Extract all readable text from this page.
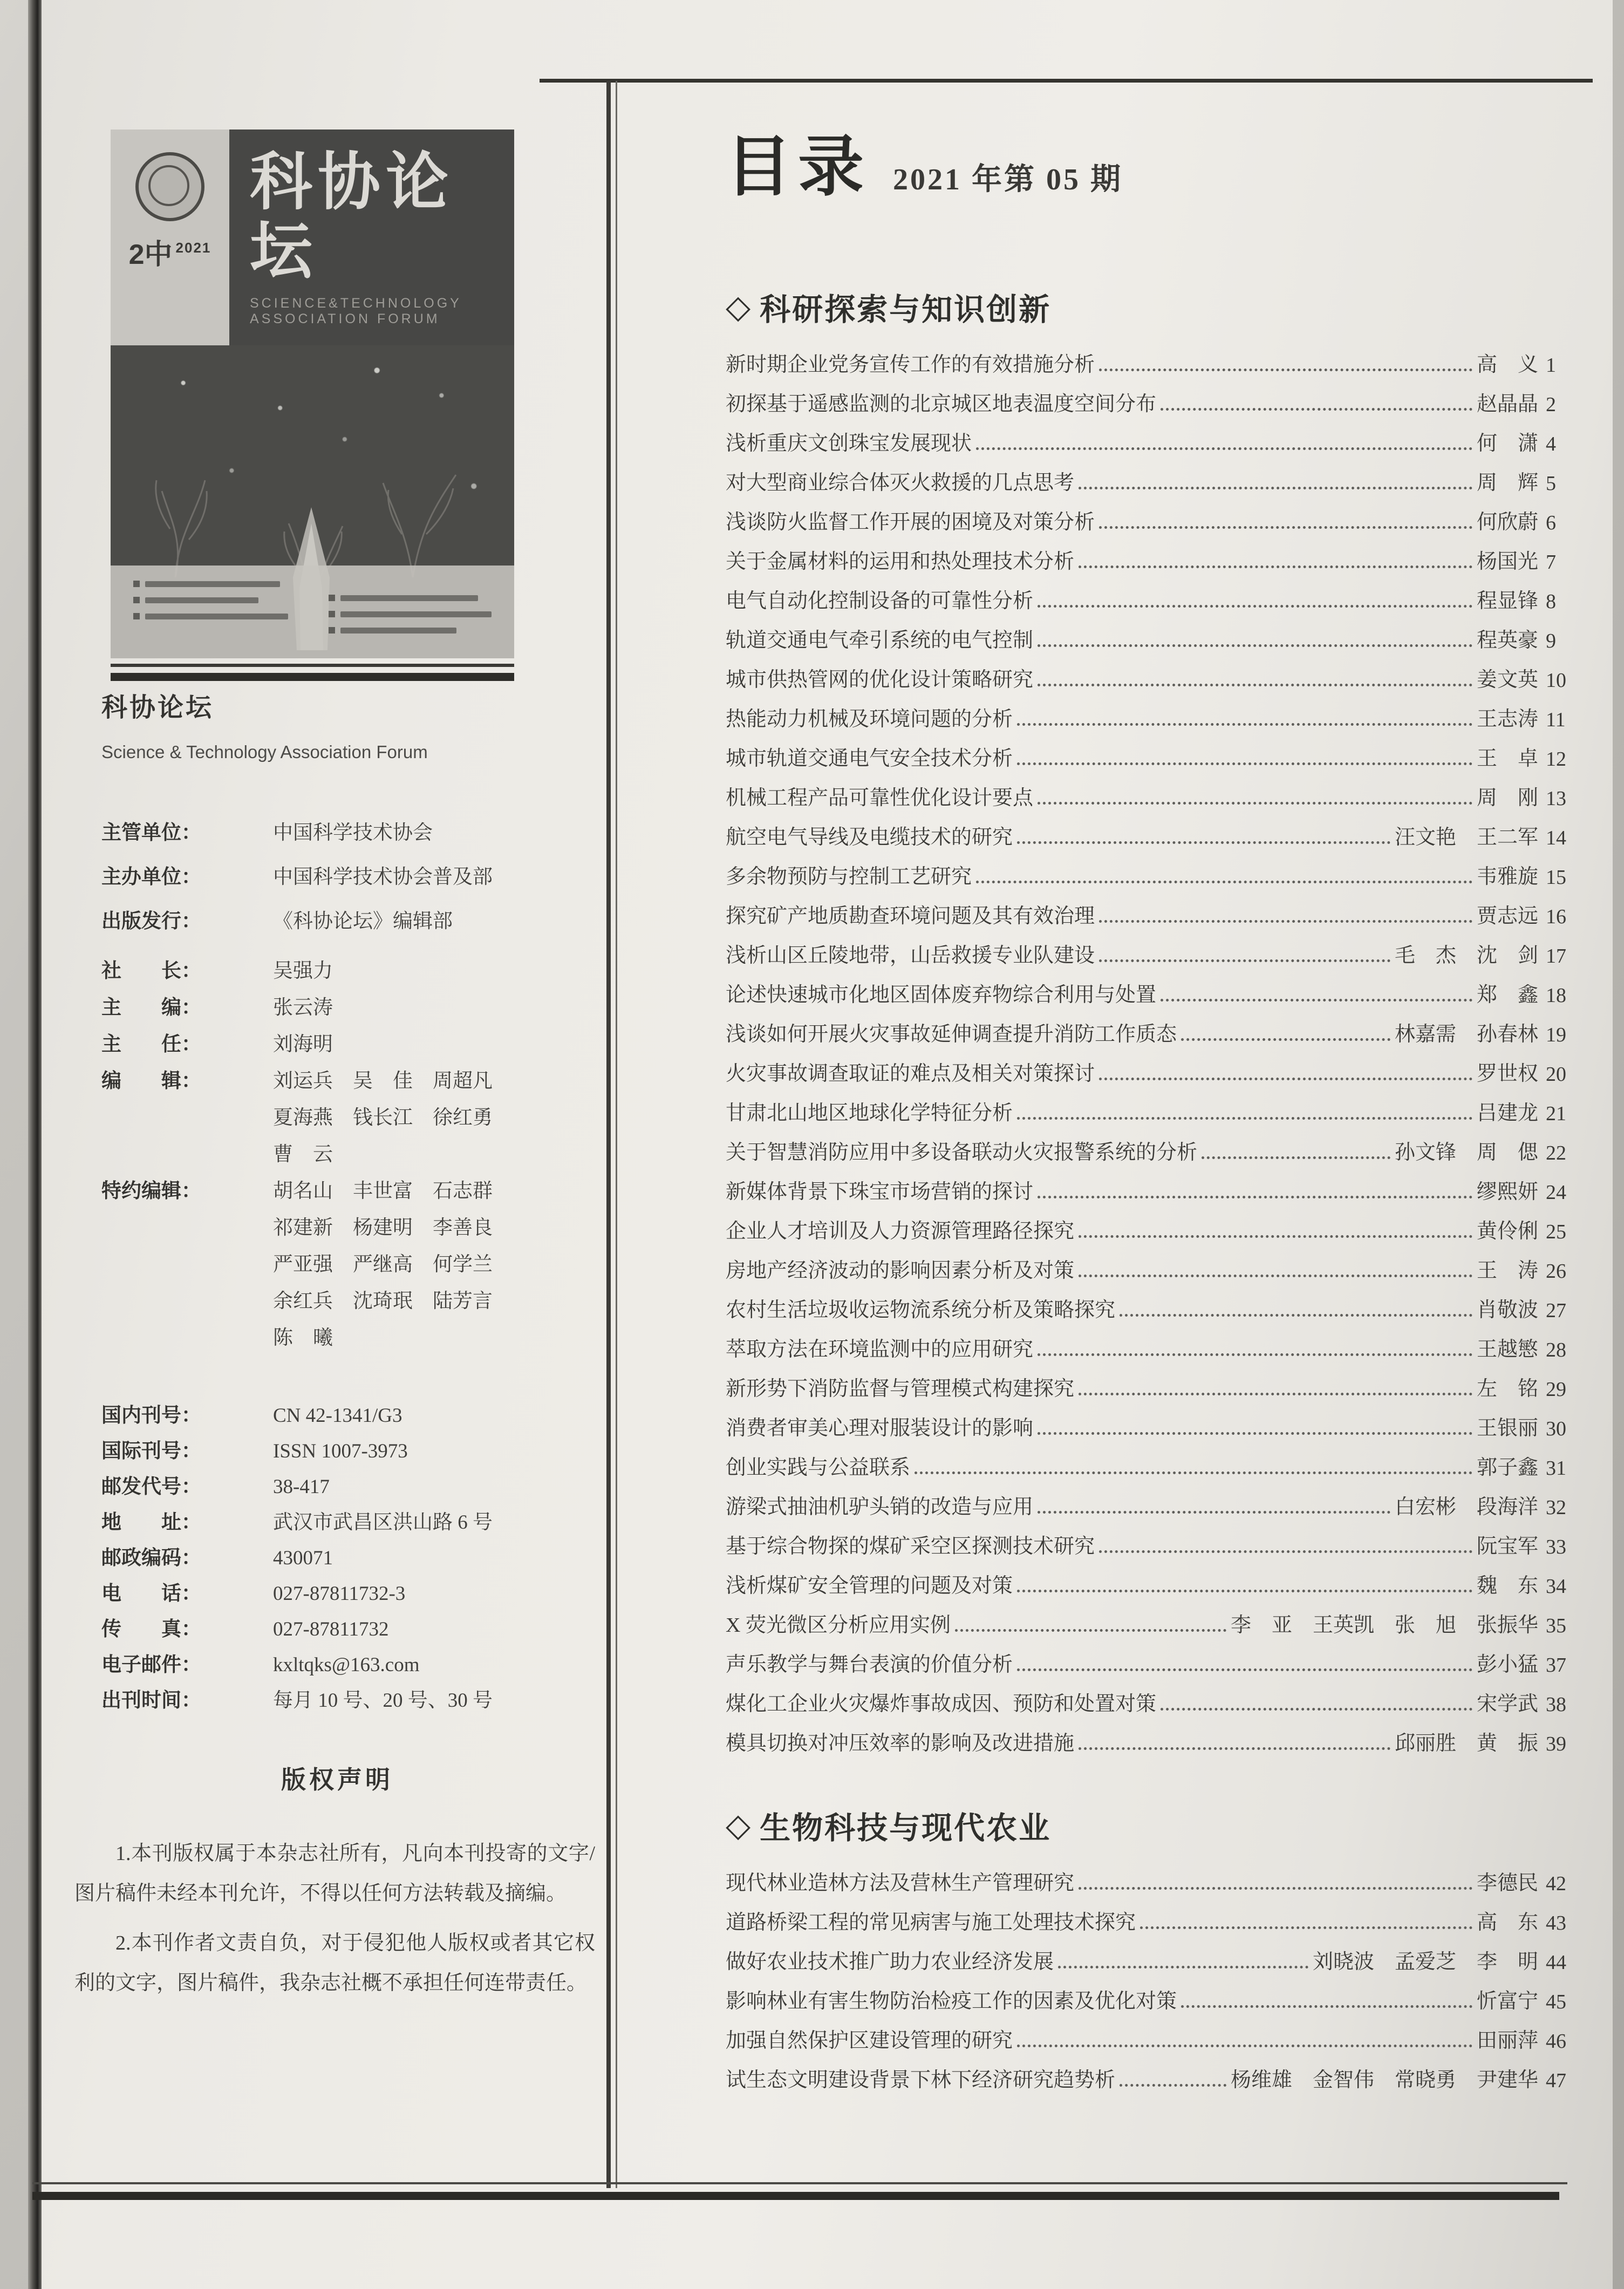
2中 $^{2021}$
科协论坛
SCIENCE&TECHNOLOGY ASSOCIATION FORUM
科协论坛
Science & Technology Association Forum
主管单位：	中国科学技术协会
主办单位：	中国科学技术协会普及部
出版发行：	《科协论坛》编辑部
社　　长：	吴强力
主　　编：	张云涛
主　　任：	刘海明
编　　辑：	刘运兵　吴　佳　周超凡
夏海燕　钱长江　徐红勇
曹　云
特约编辑：	胡名山　丰世富　石志群
祁建新　杨建明　李善良
严亚强　严继高　何学兰
余红兵　沈琦珉　陆芳言
陈　曦
国内刊号：	CN 42-1341/G3
国际刊号：	ISSN 1007-3973
邮发代号：	38-417
地　　址：	武汉市武昌区洪山路 6 号
邮政编码：	430071
电　　话：	027-87811732-3
传　　真：	027-87811732
电子邮件：	kxltqks@163.com
出刊时间：	每月 10 号、20 号、30 号
版权声明

1.本刊版权属于本杂志社所有，凡向本刊投寄的文字/图片稿件未经本刊允许，不得以任何方法转载及摘编。

2.本刊作者文责自负，对于侵犯他人版权或者其它权利的文字，图片稿件，我杂志社概不承担任何连带责任。

目录 2021 年第 05 期
◇ 科研探索与知识创新
新时期企业党务宣传工作的有效措施分析	高　义 1
初探基于遥感监测的北京城区地表温度空间分布	赵晶晶 2
浅析重庆文创珠宝发展现状	何　潇 4
对大型商业综合体灭火救援的几点思考	周　辉 5
浅谈防火监督工作开展的困境及对策分析	何欣蔚 6
关于金属材料的运用和热处理技术分析	杨国光 7
电气自动化控制设备的可靠性分析	程显锋 8
轨道交通电气牵引系统的电气控制	程英豪 9
城市供热管网的优化设计策略研究	姜文英 10
热能动力机械及环境问题的分析	王志涛 11
城市轨道交通电气安全技术分析	王　卓 12
机械工程产品可靠性优化设计要点	周　刚 13
航空电气导线及电缆技术的研究	汪文艳　王二军 14
多余物预防与控制工艺研究	韦雅旋 15
探究矿产地质勘查环境问题及其有效治理	贾志远 16
浅析山区丘陵地带，山岳救援专业队建设	毛　杰　沈　剑 17
论述快速城市化地区固体废弃物综合利用与处置	郑　鑫 18
浅谈如何开展火灾事故延伸调查提升消防工作质态	林嘉需　孙春林 19
火灾事故调查取证的难点及相关对策探讨	罗世权 20
甘肃北山地区地球化学特征分析	吕建龙 21
关于智慧消防应用中多设备联动火灾报警系统的分析	孙文锋　周　偲 22
新媒体背景下珠宝市场营销的探讨	缪熙妍 24
企业人才培训及人力资源管理路径探究	黄伶俐 25
房地产经济波动的影响因素分析及对策	王　涛 26
农村生活垃圾收运物流系统分析及策略探究	肖敬波 27
萃取方法在环境监测中的应用研究	王越慜 28
新形势下消防监督与管理模式构建探究	左　铭 29
消费者审美心理对服装设计的影响	王银丽 30
创业实践与公益联系	郭子鑫 31
游梁式抽油机驴头销的改造与应用	白宏彬　段海洋 32
基于综合物探的煤矿采空区探测技术研究	阮宝军 33
浅析煤矿安全管理的问题及对策	魏　东 34
X 荧光微区分析应用实例	李　亚　王英凯　张　旭　张振华 35
声乐教学与舞台表演的价值分析	彭小猛 37
煤化工企业火灾爆炸事故成因、预防和处置对策	宋学武 38
模具切换对冲压效率的影响及改进措施	邱丽胜　黄　振 39
◇ 生物科技与现代农业
现代林业造林方法及营林生产管理研究	李德民 42
道路桥梁工程的常见病害与施工处理技术探究	高　东 43
做好农业技术推广助力农业经济发展	刘晓波　孟爱芝　李　明 44
影响林业有害生物防治检疫工作的因素及优化对策	忻富宁 45
加强自然保护区建设管理的研究	田丽萍 46
试生态文明建设背景下林下经济研究趋势析	杨维雄　金智伟　常晓勇　尹建华 47
